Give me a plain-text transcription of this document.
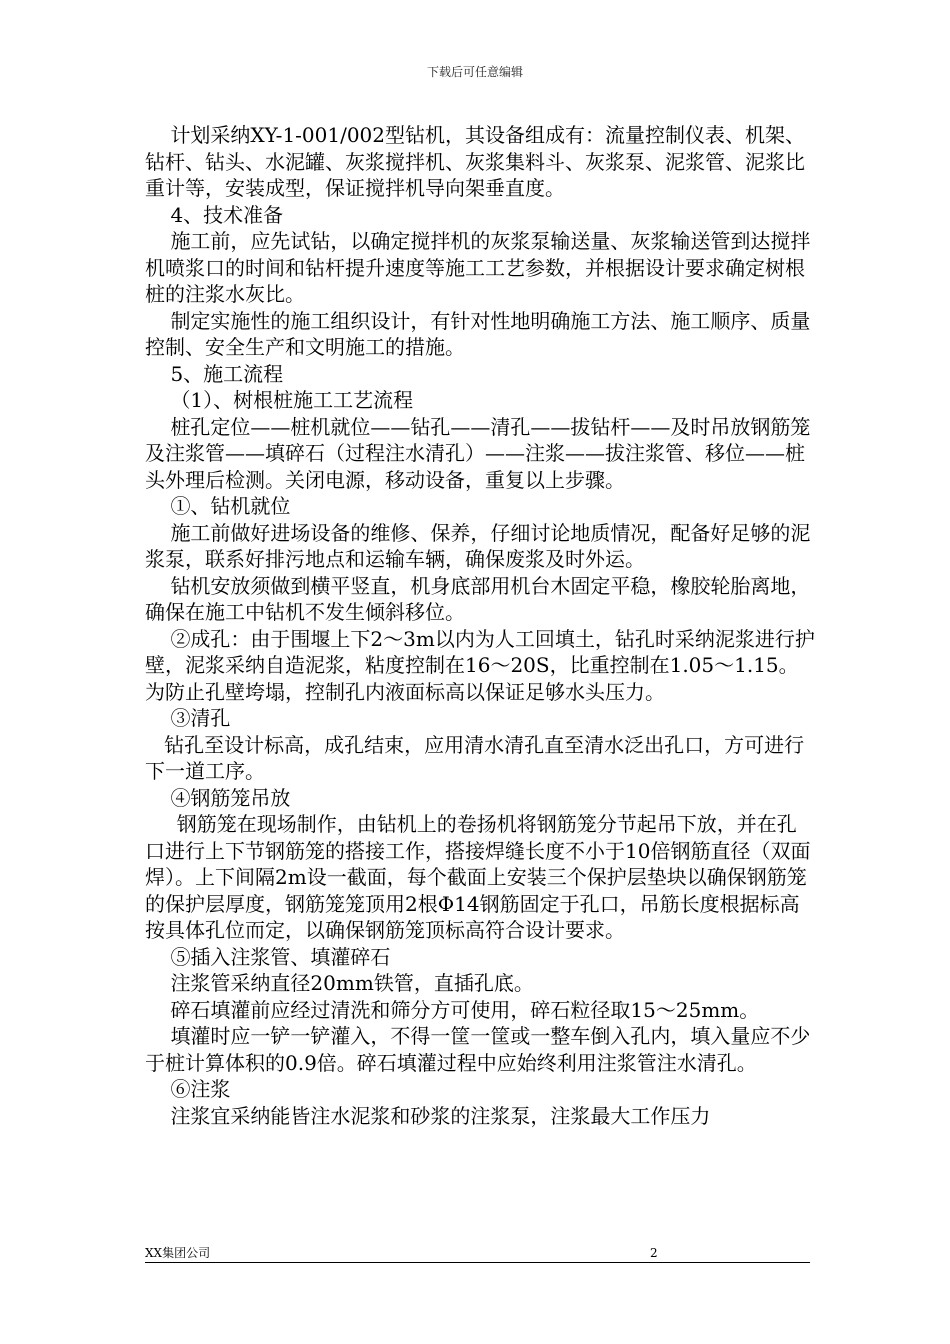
下载后可任意编辑

计划采纳XY-1-001/002型钻机，其设备组成有：流量控制仪表、机架、钻杆、钻头、水泥罐、灰浆搅拌机、灰浆集料斗、灰浆泵、泥浆管、泥浆比重计等，安装成型，保证搅拌机导向架垂直度。

4、技术准备

施工前，应先试钻，以确定搅拌机的灰浆泵输送量、灰浆输送管到达搅拌机喷浆口的时间和钻杆提升速度等施工工艺参数，并根据设计要求确定树根桩的注浆水灰比。

制定实施性的施工组织设计，有针对性地明确施工方法、施工顺序、质量控制、安全生产和文明施工的措施。

5、施工流程

（1）、树根桩施工工艺流程

桩孔定位——桩机就位——钻孔——清孔——拔钻杆——及时吊放钢筋笼及注浆管——填碎石（过程注水清孔）——注浆——拔注浆管、移位——桩头外理后检测。关闭电源，移动设备，重复以上步骤。

①、钻机就位

施工前做好进场设备的维修、保养，仔细讨论地质情况，配备好足够的泥浆泵，联系好排污地点和运输车辆，确保废浆及时外运。

钻机安放须做到横平竖直，机身底部用机台木固定平稳，橡胶轮胎离地，确保在施工中钻机不发生倾斜移位。

②成孔：由于围堰上下2～3m以内为人工回填土，钻孔时采纳泥浆进行护壁，泥浆采纳自造泥浆，粘度控制在16～20S，比重控制在1.05～1.15。为防止孔壁垮塌，控制孔内液面标高以保证足够水头压力。

③清孔

钻孔至设计标高，成孔结束，应用清水清孔直至清水泛出孔口，方可进行下一道工序。

④钢筋笼吊放

钢筋笼在现场制作，由钻机上的卷扬机将钢筋笼分节起吊下放，并在孔口进行上下节钢筋笼的搭接工作，搭接焊缝长度不小于10倍钢筋直径（双面焊）。上下间隔2m设一截面，每个截面上安装三个保护层垫块以确保钢筋笼的保护层厚度，钢筋笼笼顶用2根Φ14钢筋固定于孔口，吊筋长度根据标高按具体孔位而定，以确保钢筋笼顶标高符合设计要求。

⑤插入注浆管、填灌碎石

注浆管采纳直径20mm铁管，直插孔底。

碎石填灌前应经过清洗和筛分方可使用，碎石粒径取15～25mm。

填灌时应一铲一铲灌入，不得一筐一筐或一整车倒入孔内，填入量应不少于桩计算体积的0.9倍。碎石填灌过程中应始终利用注浆管注水清孔。

⑥注浆

注浆宜采纳能皆注水泥浆和砂浆的注浆泵，注浆最大工作压力

XX集团公司	2
